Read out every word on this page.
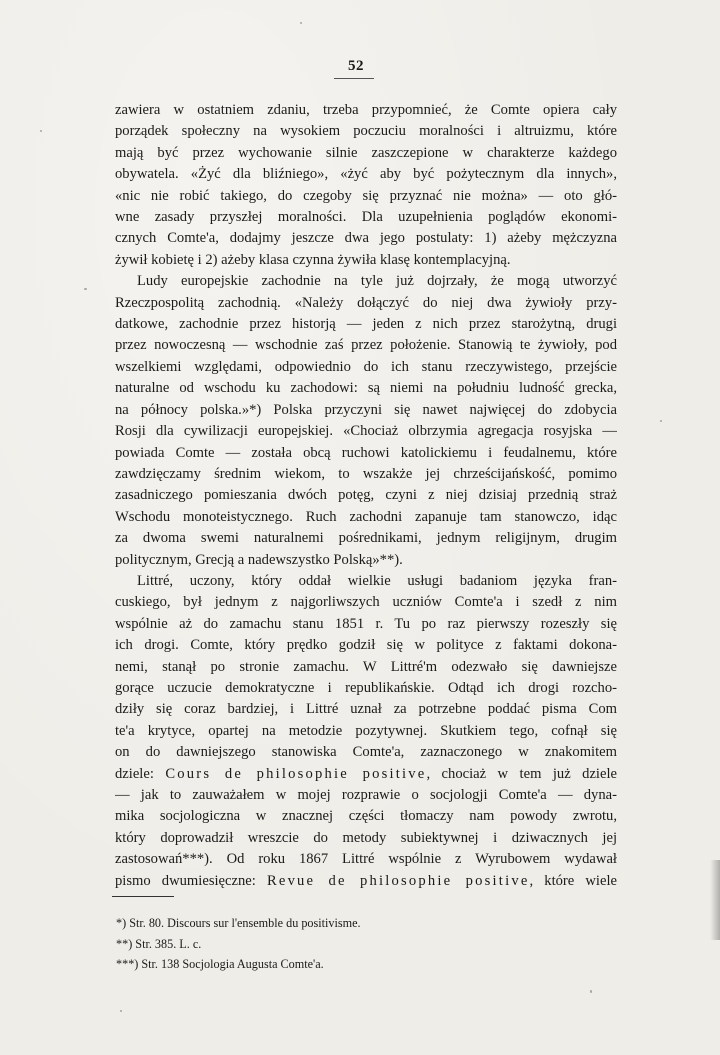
52
zawiera w ostatniem zdaniu, trzeba przypomnieć, że Comte opiera cały
porządek społeczny na wysokiem poczuciu moralności i altruizmu, które
mają być przez wychowanie silnie zaszczepione w charakterze każdego
obywatela. «Żyć dla bliźniego», «żyć aby być pożytecznym dla innych»,
«nic nie robić takiego, do czegoby się przyznać nie można» — oto głó-
wne zasady przyszłej moralności. Dla uzupełnienia poglądów ekonomi-
cznych Comte'a, dodajmy jeszcze dwa jego postulaty: 1) ażeby mężczyzna
żywił kobietę i 2) ażeby klasa czynna żywiła klasę kontemplacyjną.
Ludy europejskie zachodnie na tyle już dojrzały, że mogą utworzyć
Rzeczpospolitą zachodnią. «Należy dołączyć do niej dwa żywioły przy-
datkowe, zachodnie przez historją — jeden z nich przez starożytną, drugi
przez nowoczesną — wschodnie zaś przez położenie. Stanowią te żywioły, pod
wszelkiemi względami, odpowiednio do ich stanu rzeczywistego, przejście
naturalne od wschodu ku zachodowi: są niemi na południu ludność grecka,
na północy polska.»*) Polska przyczyni się nawet najwięcej do zdobycia
Rosji dla cywilizacji europejskiej. «Chociaż olbrzymia agregacja rosyjska —
powiada Comte — została obcą ruchowi katolickiemu i feudalnemu, które
zawdzięczamy średnim wiekom, to wszakże jej chrześcijańskość, pomimo
zasadniczego pomieszania dwóch potęg, czyni z niej dzisiaj przednią straż
Wschodu monoteistycznego. Ruch zachodni zapanuje tam stanowczo, idąc
za dwoma swemi naturalnemi pośrednikami, jednym religijnym, drugim
politycznym, Grecją a nadewszystko Polską»**).
Littré, uczony, który oddał wielkie usługi badaniom języka fran-
cuskiego, był jednym z najgorliwszych uczniów Comte'a i szedł z nim
wspólnie aż do zamachu stanu 1851 r. Tu po raz pierwszy rozeszły się
ich drogi. Comte, który prędko godził się w polityce z faktami dokona-
nemi, stanął po stronie zamachu. W Littré'm odezwało się dawniejsze
gorące uczucie demokratyczne i republikańskie. Odtąd ich drogi rozcho-
dziły się coraz bardziej, i Littré uznał za potrzebne poddać pisma Com
te'a krytyce, opartej na metodzie pozytywnej. Skutkiem tego, cofnął się
on do dawniejszego stanowiska Comte'a, zaznaczonego w znakomitem
dziele: Cours de philosophie positive, chociaż w tem już dziele
— jak to zauważałem w mojej rozprawie o socjologji Comte'a — dyna-
mika socjologiczna w znacznej części tłomaczy nam powody zwrotu,
który doprowadził wreszcie do metody subiektywnej i dziwacznych jej
zastosowań***). Od roku 1867 Littré wspólnie z Wyrubowem wydawał
pismo dwumiesięczne: Revue de philosophie positive, które wiele
*) Str. 80. Discours sur l'ensemble du positivisme.
**) Str. 385. L. c.
***) Str. 138 Socjologia Augusta Comte'a.
